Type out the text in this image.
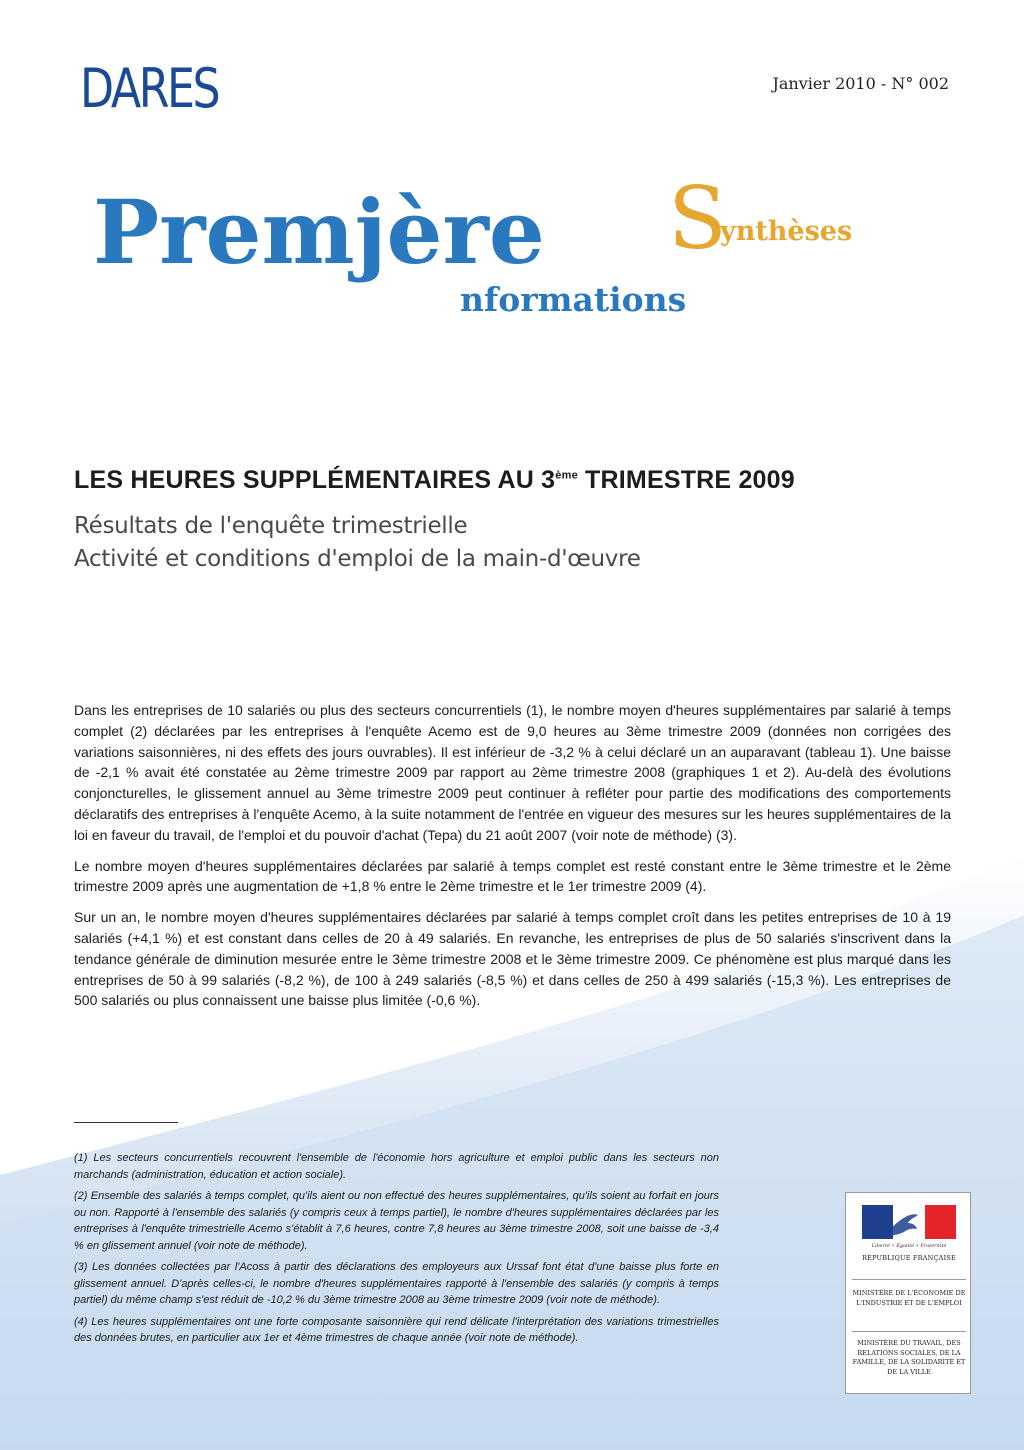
DARES	Janvier 2010 - N° 002
Premjère S
ynthèses
nformations
LES HEURES SUPPLÉMENTAIRES AU 3ème TRIMESTRE 2009
Résultats de l'enquête trimestrielle
Activité et conditions d'emploi de la main-d'œuvre

Dans les entreprises de 10 salariés ou plus des secteurs concurrentiels (1), le nombre moyen d'heures supplémentaires par salarié à temps complet (2) déclarées par les entreprises à l'enquête Acemo est de 9,0 heures au 3ème trimestre 2009 (données non corrigées des variations saisonnières, ni des effets des jours ouvrables). Il est inférieur de -3,2 % à celui déclaré un an auparavant (tableau 1). Une baisse de -2,1 % avait été constatée au 2ème trimestre 2009 par rapport au 2ème trimestre 2008 (graphiques 1 et 2). Au-delà des évolutions conjoncturelles, le glissement annuel au 3ème trimestre 2009 peut continuer à refléter pour partie des modifications des comportements déclaratifs des entreprises à l'enquête Acemo, à la suite notamment de l'entrée en vigueur des mesures sur les heures supplémentaires de la loi en faveur du travail, de l'emploi et du pouvoir d'achat (Tepa) du 21 août 2007 (voir note de méthode) (3).

Le nombre moyen d'heures supplémentaires déclarées par salarié à temps complet est resté constant entre le 3ème trimestre et le 2ème trimestre 2009 après une augmentation de +1,8 % entre le 2ème trimestre et le 1er trimestre 2009 (4).

Sur un an, le nombre moyen d'heures supplémentaires déclarées par salarié à temps complet croît dans les petites entreprises de 10 à 19 salariés (+4,1 %) et est constant dans celles de 20 à 49 salariés. En revanche, les entreprises de plus de 50 salariés s'inscrivent dans la tendance générale de diminution mesurée entre le 3ème trimestre 2008 et le 3ème trimestre 2009. Ce phénomène est plus marqué dans les entreprises de 50 à 99 salariés (-8,2 %), de 100 à 249 salariés (-8,5 %) et dans celles de 250 à 499 salariés (-15,3 %). Les entreprises de 500 salariés ou plus connaissent une baisse plus limitée (-0,6 %).

(1) Les secteurs concurrentiels recouvrent l'ensemble de l'économie hors agriculture et emploi public dans les secteurs non marchands (administration, éducation et action sociale).

(2) Ensemble des salariés à temps complet, qu'ils aient ou non effectué des heures supplémentaires, qu'ils soient au forfait en jours ou non. Rapporté à l'ensemble des salariés (y compris ceux à temps partiel), le nombre d'heures supplémentaires déclarées par les entreprises à l'enquête trimestrielle Acemo s'établit à 7,6 heures, contre 7,8 heures au 3ème trimestre 2008, soit une baisse de -3,4 % en glissement annuel (voir note de méthode).

(3) Les données collectées par l'Acoss à partir des déclarations des employeurs aux Urssaf font état d'une baisse plus forte en glissement annuel. D'après celles-ci, le nombre d'heures supplémentaires rapporté à l'ensemble des salariés (y compris à temps partiel) du même champ s'est réduit de -10,2 % du 3ème trimestre 2008 au 3ème trimestre 2009 (voir note de méthode).

(4) Les heures supplémentaires ont une forte composante saisonnière qui rend délicate l'interprétation des variations trimestrielles des données brutes, en particulier aux 1er et 4ème trimestres de chaque année (voir note de méthode).

Liberté • Égalité • Fraternité
RÉPUBLIQUE FRANÇAISE
MINISTÈRE DE L'ÉCONOMIE DE L'INDUSTRIE ET DE L'EMPLOI
MINISTÈRE DU TRAVAIL, DES RELATIONS SOCIALES, DE LA FAMILLE, DE LA SOLIDARITÉ ET DE LA VILLE
